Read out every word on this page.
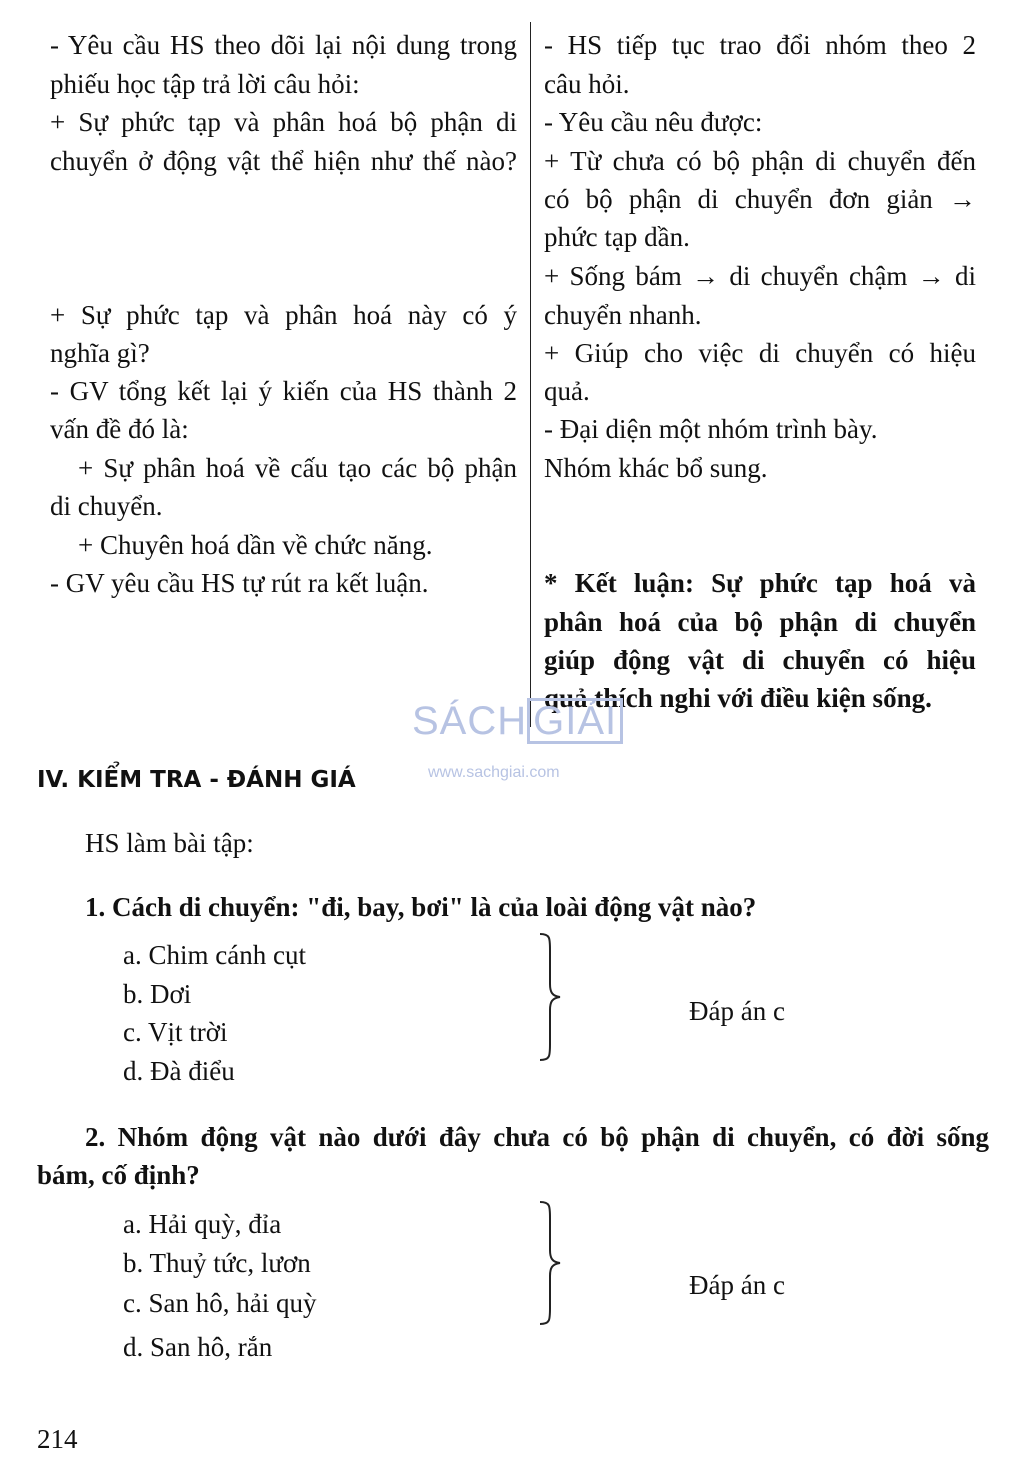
- Yêu cầu HS theo dõi lại nội dung trong
phiếu học tập trả lời câu hỏi:
+ Sự phức tạp và phân hoá bộ phận di
chuyển ở động vật thể hiện như thế nào?
+ Sự phức tạp và phân hoá này có ý
nghĩa gì?
- GV tổng kết lại ý kiến của HS thành 2
vấn đề đó là:
+ Sự phân hoá về cấu tạo các bộ phận
di chuyển.
+ Chuyên hoá dần về chức năng.
- GV yêu cầu HS tự rút ra kết luận.
- HS tiếp tục trao đổi nhóm theo 2
câu hỏi.
- Yêu cầu nêu được:
+ Từ chưa có bộ phận di chuyển đến
có bộ phận di chuyển đơn giản →
phức tạp dần.
+ Sống bám → di chuyển chậm → di
chuyển nhanh.
+ Giúp cho việc di chuyển có hiệu
quả.
- Đại diện một nhóm trình bày.
Nhóm khác bổ sung.
* Kết luận: Sự phức tạp hoá và
phân hoá của bộ phận di chuyển
giúp động vật di chuyển có hiệu
quả thích nghi với điều kiện sống.
SÁCH GIẢI
www.sachgiai.com
IV. KIỂM TRA - ĐÁNH GIÁ
HS làm bài tập:
1. Cách di chuyển: "đi, bay, bơi" là của loài động vật nào?
a. Chim cánh cụt
b. Dơi
c. Vịt trời
d. Đà điểu
Đáp án c
2. Nhóm động vật nào dưới đây chưa có bộ phận di chuyển, có đời sống
bám, cố định?
a. Hải quỳ, đỉa
b. Thuỷ tức, lươn
c. San hô, hải quỳ
d. San hô, rắn
Đáp án c
214
